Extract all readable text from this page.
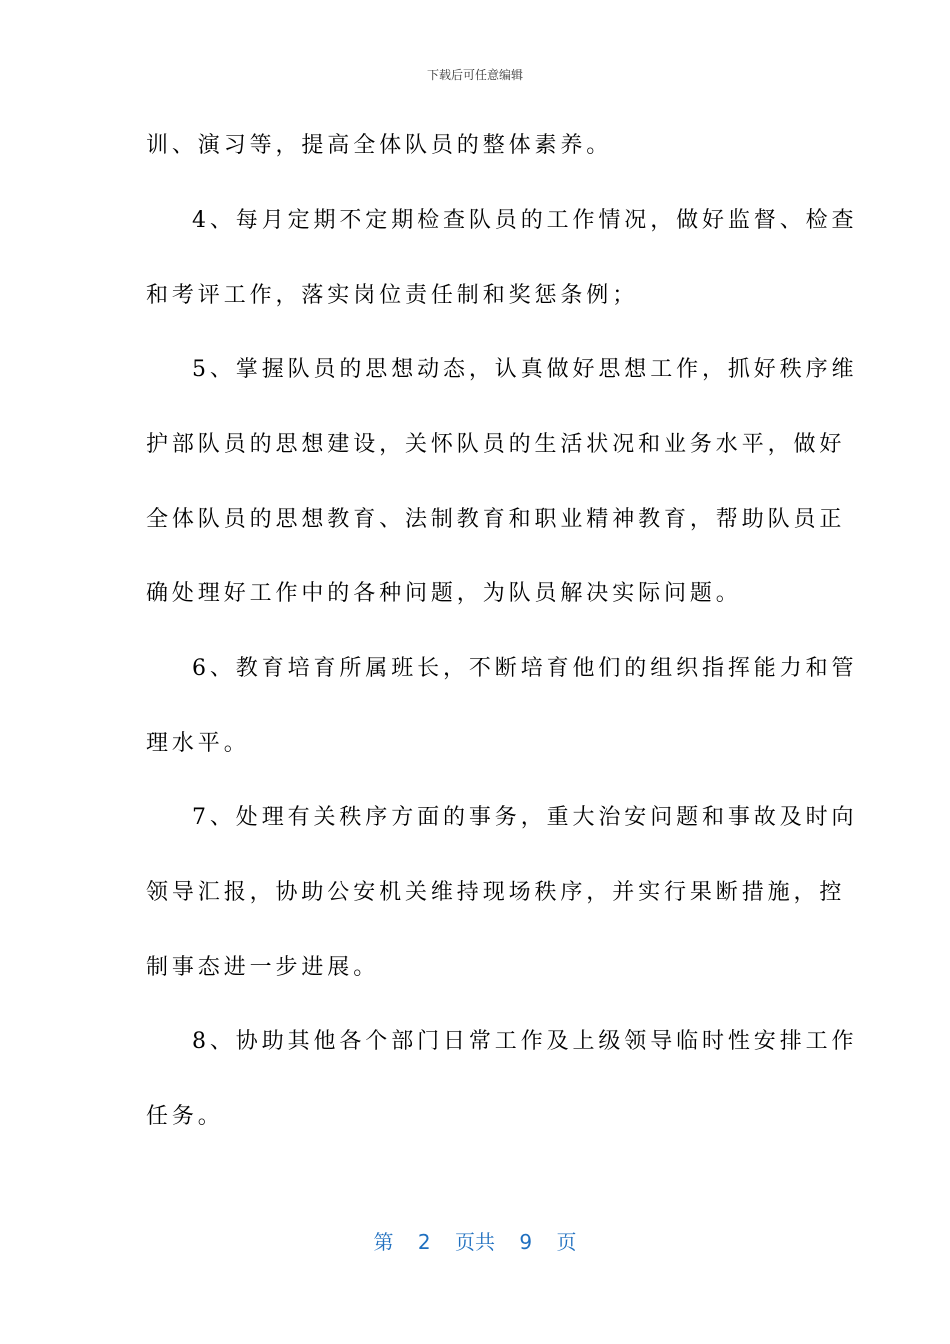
下载后可任意编辑
训、演习等，提高全体队员的整体素养。
4、每月定期不定期检查队员的工作情况，做好监督、检查
和考评工作，落实岗位责任制和奖惩条例；
5、掌握队员的思想动态，认真做好思想工作，抓好秩序维
护部队员的思想建设，关怀队员的生活状况和业务水平，做好
全体队员的思想教育、法制教育和职业精神教育，帮助队员正
确处理好工作中的各种问题，为队员解决实际问题。
6、教育培育所属班长，不断培育他们的组织指挥能力和管
理水平。
7、处理有关秩序方面的事务，重大治安问题和事故及时向
领导汇报，协助公安机关维持现场秩序，并实行果断措施，控
制事态进一步进展。
8、协助其他各个部门日常工作及上级领导临时性安排工作
任务。
第 2 页共 9 页
